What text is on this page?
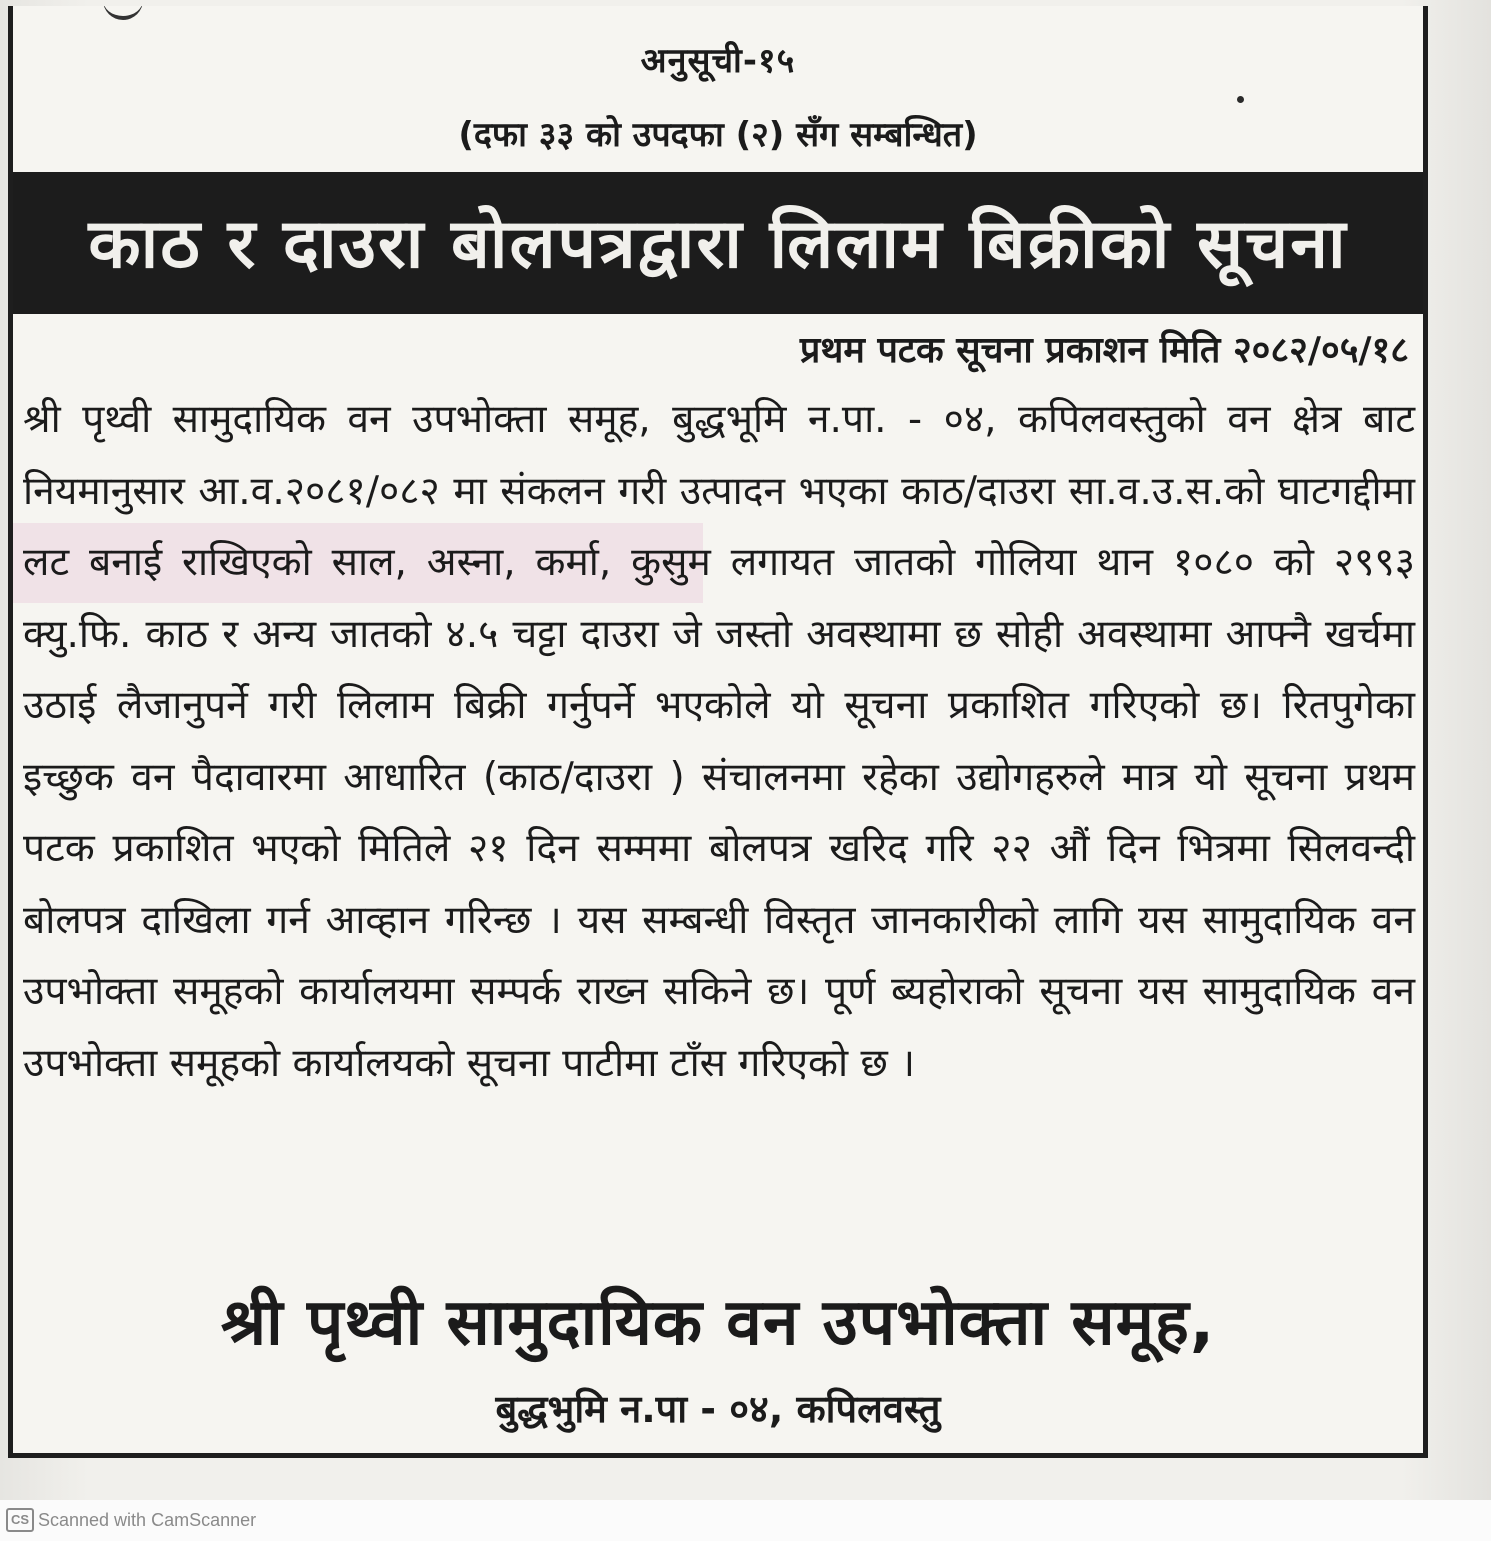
अनुसूची-१५
(दफा ३३ को उपदफा (२) सँग सम्बन्धित)
काठ र दाउरा बोलपत्रद्वारा लिलाम बिक्रीको सूचना
प्रथम पटक सूचना प्रकाशन मिति २०८२/०५/१८

श्री पृथ्वी सामुदायिक वन उपभोक्ता समूह, बुद्धभूमि न.पा. - ०४, कपिलवस्तुको वन क्षेत्र बाट नियमानुसार आ.व.२०८१/०८२ मा संकलन गरी उत्पादन भएका काठ/दाउरा सा.व.उ.स.को घाटगद्दीमा लट बनाई राखिएको साल, अस्ना, कर्मा, कुसुम लगायत जातको गोलिया थान १०८० को २९९३ क्यु.फि. काठ र अन्य जातको ४.५ चट्टा दाउरा जे जस्तो अवस्थामा छ सोही अवस्थामा आफ्नै खर्चमा उठाई लैजानुपर्ने गरी लिलाम बिक्री गर्नुपर्ने भएकोले यो सूचना प्रकाशित गरिएको छ। रितपुगेका इच्छुक वन पैदावारमा आधारित (काठ/दाउरा ) संचालनमा रहेका उद्योगहरुले मात्र यो सूचना प्रथम पटक प्रकाशित भएको मितिले २१ दिन सम्ममा बोलपत्र खरिद गरि २२ औं दिन भित्रमा सिलवन्दी बोलपत्र दाखिला गर्न आव्हान गरिन्छ । यस सम्बन्धी विस्तृत जानकारीको लागि यस सामुदायिक वन उपभोक्ता समूहको कार्यालयमा सम्पर्क राख्न सकिने छ। पूर्ण ब्यहोराको सूचना यस सामुदायिक वन उपभोक्ता समूहको कार्यालयको सूचना पाटीमा टाँस गरिएको छ ।

श्री पृथ्वी सामुदायिक वन उपभोक्ता समूह,
बुद्धभुमि न.पा - ०४, कपिलवस्तु
CS Scanned with CamScanner
